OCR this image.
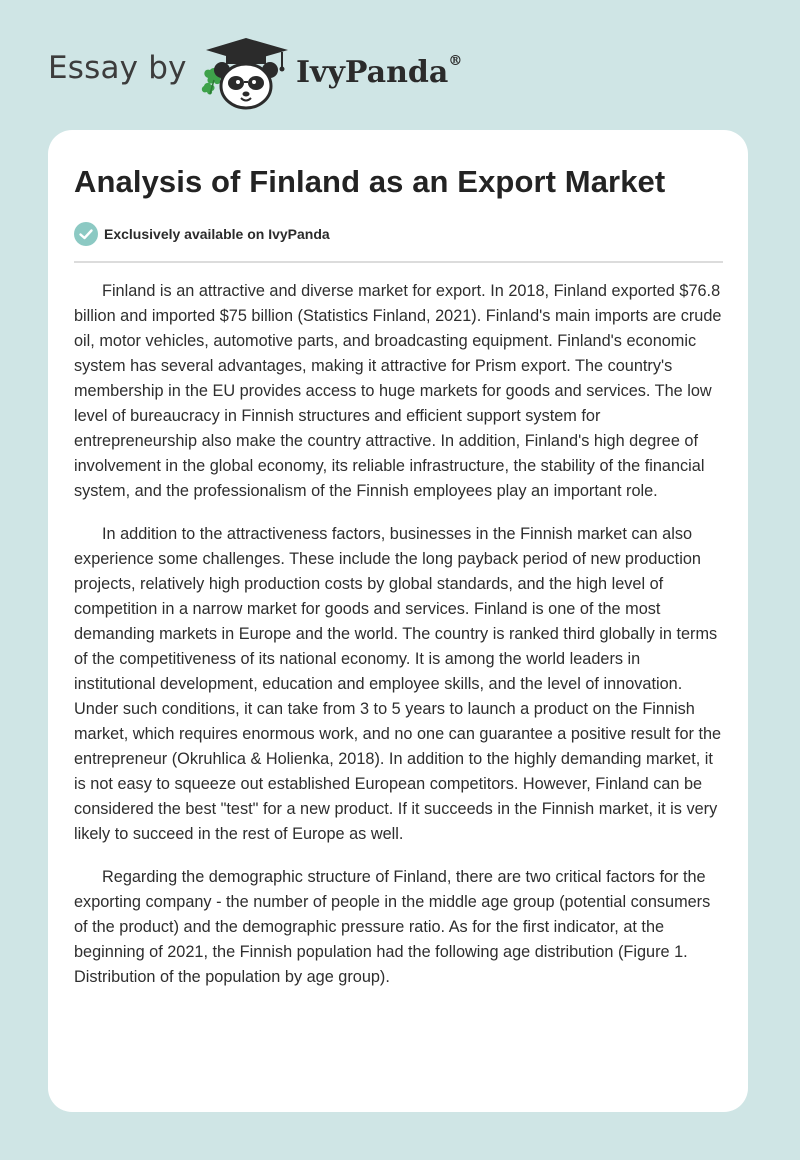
Essay by	IvyPanda®
Analysis of Finland as an Export Market
Exclusively available on IvyPanda

Finland is an attractive and diverse market for export. In 2018, Finland exported $76.8 billion and imported $75 billion (Statistics Finland, 2021). Finland's main imports are crude oil, motor vehicles, automotive parts, and broadcasting equipment. Finland's economic system has several advantages, making it attractive for Prism export. The country's membership in the EU provides access to huge markets for goods and services. The low level of bureaucracy in Finnish structures and efficient support system for entrepreneurship also make the country attractive. In addition, Finland's high degree of involvement in the global economy, its reliable infrastructure, the stability of the financial system, and the professionalism of the Finnish employees play an important role.

In addition to the attractiveness factors, businesses in the Finnish market can also experience some challenges. These include the long payback period of new production projects, relatively high production costs by global standards, and the high level of competition in a narrow market for goods and services. Finland is one of the most demanding markets in Europe and the world. The country is ranked third globally in terms of the competitiveness of its national economy. It is among the world leaders in institutional development, education and employee skills, and the level of innovation. Under such conditions, it can take from 3 to 5 years to launch a product on the Finnish market, which requires enormous work, and no one can guarantee a positive result for the entrepreneur (Okruhlica & Holienka, 2018). In addition to the highly demanding market, it is not easy to squeeze out established European competitors. However, Finland can be considered the best "test" for a new product. If it succeeds in the Finnish market, it is very likely to succeed in the rest of Europe as well.

Regarding the demographic structure of Finland, there are two critical factors for the exporting company - the number of people in the middle age group (potential consumers of the product) and the demographic pressure ratio. As for the first indicator, at the beginning of 2021, the Finnish population had the following age distribution (Figure 1. Distribution of the population by age group).
